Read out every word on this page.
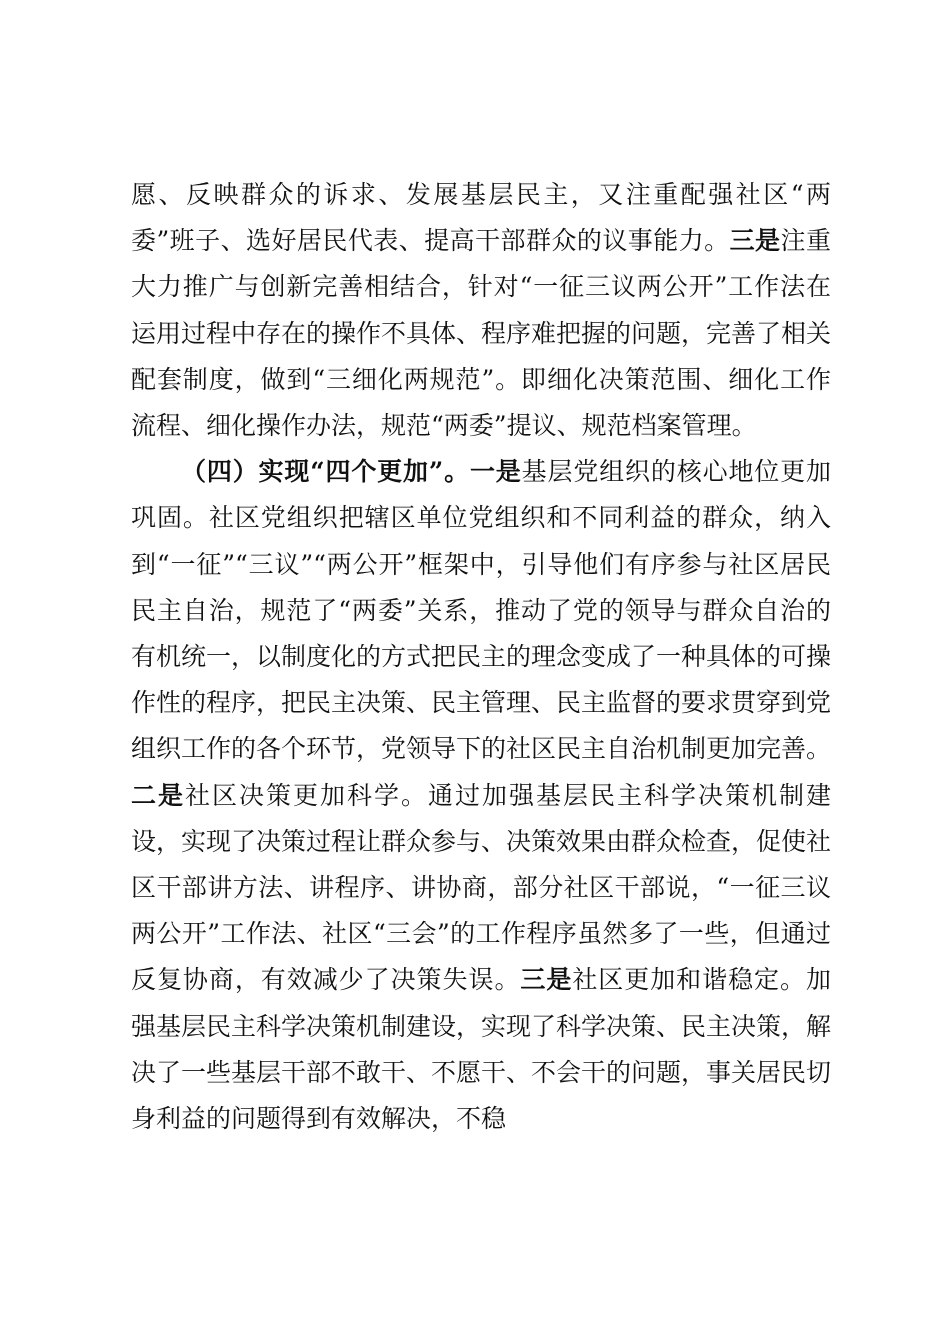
愿、反映群众的诉求、发展基层民主，又注重配强社区“两委”班子、选好居民代表、提高干部群众的议事能力。三是注重大力推广与创新完善相结合，针对“一征三议两公开”工作法在运用过程中存在的操作不具体、程序难把握的问题，完善了相关配套制度，做到“三细化两规范”。即细化决策范围、细化工作流程、细化操作办法，规范“两委”提议、规范档案管理。

（四）实现“四个更加”。一是基层党组织的核心地位更加巩固。社区党组织把辖区单位党组织和不同利益的群众，纳入到“一征”“三议”“两公开”框架中，引导他们有序参与社区居民民主自治，规范了“两委”关系，推动了党的领导与群众自治的有机统一，以制度化的方式把民主的理念变成了一种具体的可操作性的程序，把民主决策、民主管理、民主监督的要求贯穿到党组织工作的各个环节，党领导下的社区民主自治机制更加完善。二是社区决策更加科学。通过加强基层民主科学决策机制建设，实现了决策过程让群众参与、决策效果由群众检查，促使社区干部讲方法、讲程序、讲协商，部分社区干部说，“一征三议两公开”工作法、社区“三会”的工作程序虽然多了一些，但通过反复协商，有效减少了决策失误。三是社区更加和谐稳定。加强基层民主科学决策机制建设，实现了科学决策、民主决策，解决了一些基层干部不敢干、不愿干、不会干的问题，事关居民切身利益的问题得到有效解决，不稳
